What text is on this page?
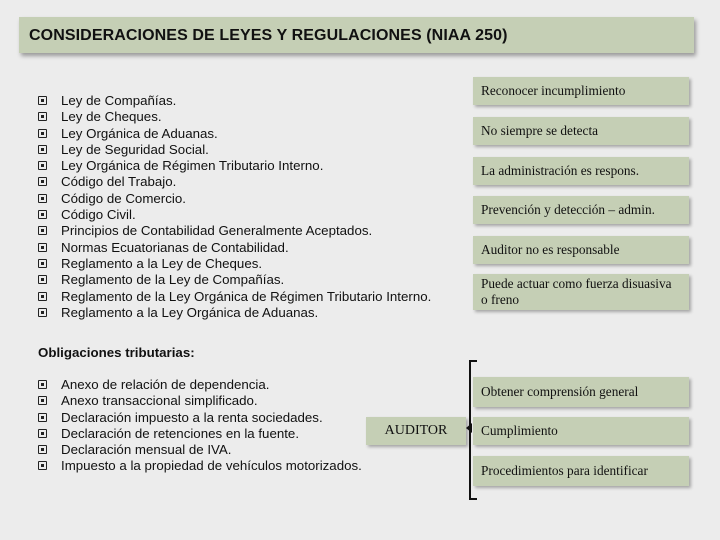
CONSIDERACIONES DE LEYES Y REGULACIONES (NIAA 250)
Ley de Compañías.
Ley de Cheques.
Ley Orgánica de Aduanas.
Ley de Seguridad Social.
Ley Orgánica de Régimen Tributario Interno.
Código del Trabajo.
Código de Comercio.
Código Civil.
Principios de Contabilidad Generalmente Aceptados.
Normas Ecuatorianas de Contabilidad.
Reglamento a la Ley de Cheques.
Reglamento de la Ley de Compañías.
Reglamento de la Ley Orgánica de Régimen Tributario Interno.
Reglamento a la Ley Orgánica de Aduanas.
Obligaciones tributarias:
Anexo de relación de dependencia.
Anexo transaccional simplificado.
Declaración impuesto a la renta sociedades.
Declaración de retenciones en la fuente.
Declaración mensual de IVA.
Impuesto a la propiedad de vehículos motorizados.
AUDITOR
Reconocer incumplimiento
No siempre se detecta
La administración es respons.
Prevención y detección – admin.
Auditor no es responsable
Puede actuar como fuerza disuasiva o freno
Obtener comprensión general
Cumplimiento
Procedimientos para identificar
